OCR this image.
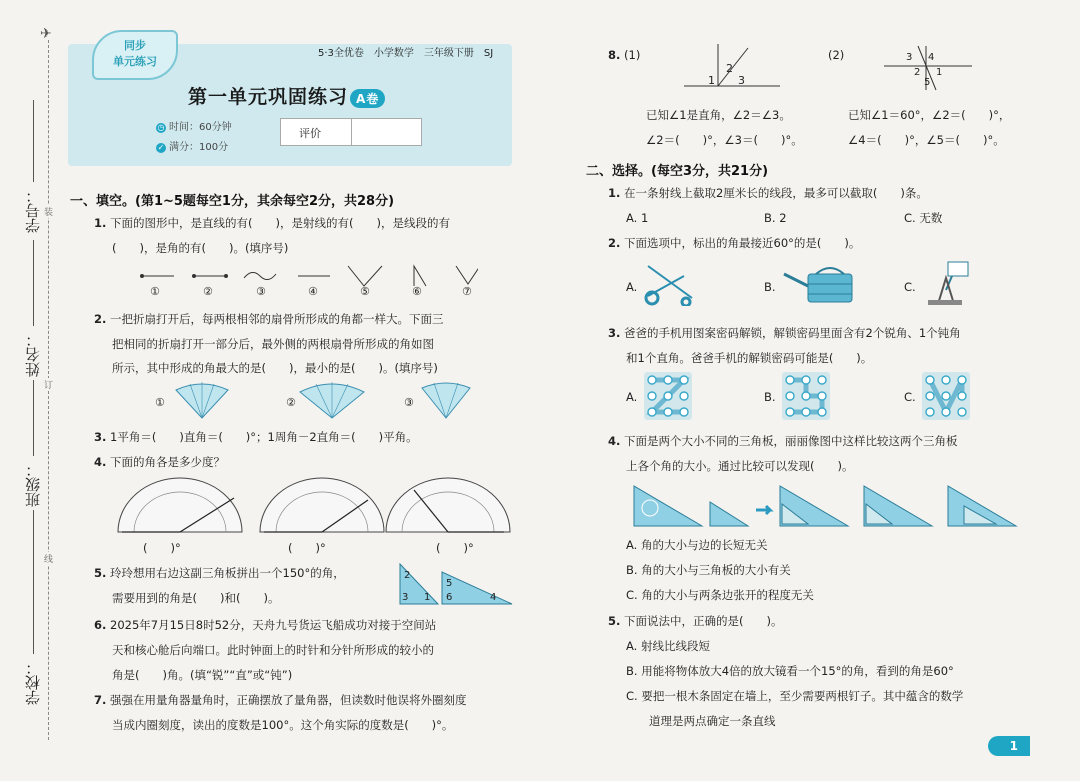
✈
装
订
线
学号：
姓名：
班级：
学校：
同步
单元练习
5·3全优卷　小学数学　三年级下册　SJ
第一单元巩固练习 A卷
◷ 时间：60分钟
✓ 满分：100分
评价
一、填空。(第1~5题每空1分，其余每空2分，共28分)
1. 下面的图形中，是直线的有(　　)，是射线的有(　　)，是线段的有
(　　)，是角的有(　　)。(填序号)
①	②	③	④	⑤	⑥	⑦
2. 一把折扇打开后，每两根相邻的扇骨所形成的角都一样大。下面三
把相同的折扇打开一部分后，最外侧的两根扇骨所形成的角如图
所示，其中形成的角最大的是(　　)，最小的是(　　)。(填序号)
①	②	③
3. 1平角＝(　　)直角＝(　　)°；1周角－2直角＝(　　)平角。
4. 下面的角各是多少度？
(　　)°	(　　)°	(　　)°
5. 玲玲想用右边这副三角板拼出一个150°的角，
需要用到的角是(　　)和(　　)。
2
3 1
5
6	4
6. 2025年7月15日8时52分，天舟九号货运飞船成功对接于空间站
天和核心舱后向端口。此时钟面上的时针和分针所形成的较小的
角是(　　)角。(填“锐”“直”或“钝”)
7. 强强在用量角器量角时，正确摆放了量角器，但读数时他误将外圈刻度
当成内圈刻度，读出的度数是100°。这个角实际的度数是(　　)°。
8. (1)	(2)
1
2
3
3 4
2 1
5
已知∠1是直角，∠2＝∠3。	已知∠1＝60°，∠2＝(　　)°，
∠2＝(　　)°，∠3＝(　　)°。	∠4＝(　　)°，∠5＝(　　)°。
二、选择。(每空3分，共21分)
1. 在一条射线上截取2厘米长的线段，最多可以截取(　　)条。
A. 1	B. 2	C. 无数
2. 下面选项中，标出的角最接近60°的是(　　)。
A.	B.	C.
3. 爸爸的手机用图案密码解锁，解锁密码里面含有2个锐角、1个钝角
和1个直角。爸爸手机的解锁密码可能是(　　)。
A.	B.	C.
4. 下面是两个大小不同的三角板，丽丽像图中这样比较这两个三角板
上各个角的大小。通过比较可以发现(　　)。
A. 角的大小与边的长短无关
B. 角的大小与三角板的大小有关
C. 角的大小与两条边张开的程度无关
5. 下面说法中，正确的是(　　)。
A. 射线比线段短
B. 用能将物体放大4倍的放大镜看一个15°的角，看到的角是60°
C. 要把一根木条固定在墙上，至少需要两根钉子。其中蕴含的数学
　　道理是两点确定一条直线
1
